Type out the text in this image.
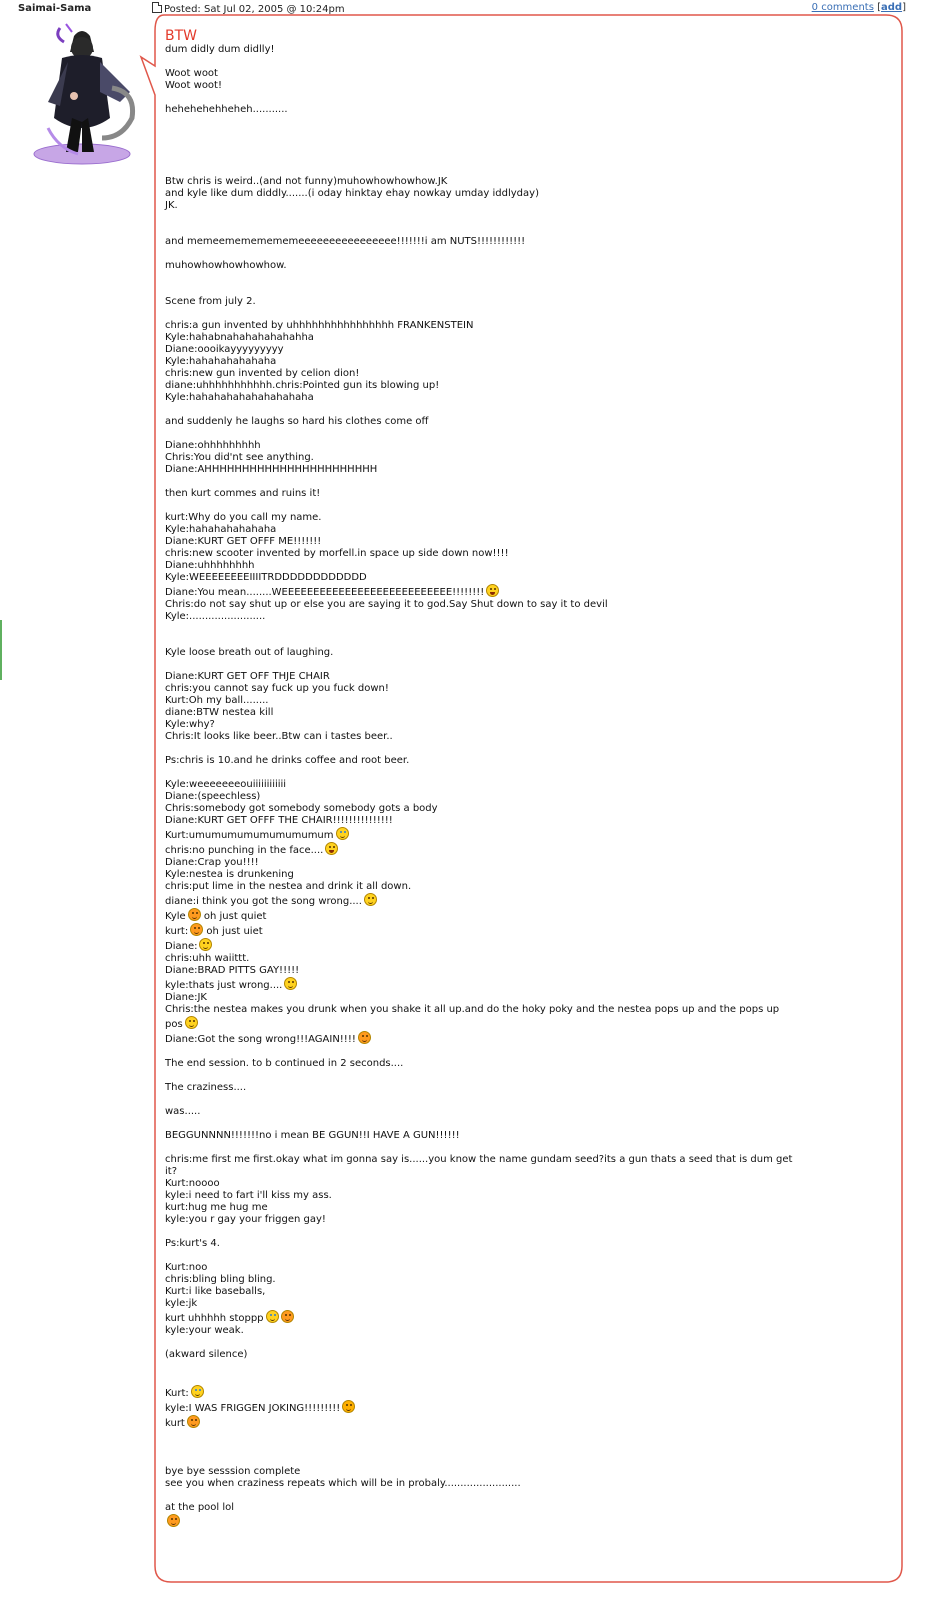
Saimai-Sama	Posted: Sat Jul 02, 2005 @ 10:24pm	0 comments [add]
BTW
dum didly dum didlly!
Woot woot
Woot woot!
hehehehehheheh...........
Btw chris is weird..(and not funny)muhowhowhowhow.JK
and kyle like dum diddly.......(i oday hinktay ehay nowkay umday iddlyday)
JK.
and memeemememememeeeeeeeeeeeeeeee!!!!!!!i am NUTS!!!!!!!!!!!!
muhowhowhowhowhow.
Scene from july 2.
chris:a gun invented by uhhhhhhhhhhhhhhhh FRANKENSTEIN
Kyle:hahabnahahahahahahha
Diane:oooikayyyyyyyyy
Kyle:hahahahahahaha
chris:new gun invented by celion dion!
diane:uhhhhhhhhhhh.chris:Pointed gun its blowing up!
Kyle:hahahahahahahahahaha
and suddenly he laughs so hard his clothes come off
Diane:ohhhhhhhhh
Chris:You did'nt see anything.
Diane:AHHHHHHHHHHHHHHHHHHHHHHH
then kurt commes and ruins it!
kurt:Why do you call my name.
Kyle:hahahahahahaha
Diane:KURT GET OFFF ME!!!!!!!
chris:new scooter invented by morfell.in space up side down now!!!!
Diane:uhhhhhhhh
Kyle:WEEEEEEEEIIIITRDDDDDDDDDDDD
Diane:You mean........WEEEEEEEEEEEEEEEEEEEEEEEEEEE!!!!!!!!
Chris:do not say shut up or else you are saying it to god.Say Shut down to say it to devil
Kyle:........................
Kyle loose breath out of laughing.
Diane:KURT GET OFF THJE CHAIR
chris:you cannot say fuck up you fuck down!
Kurt:Oh my ball........
diane:BTW nestea kill
Kyle:why?
Chris:It looks like beer..Btw can i tastes beer..
Ps:chris is 10.and he drinks coffee and root beer.
Kyle:weeeeeeeouiiiiiiiiiiii
Diane:(speechless)
Chris:somebody got somebody somebody gots a body
Diane:KURT GET OFFF THE CHAIR!!!!!!!!!!!!!!!
Kurt:umumumumumumumumum
chris:no punching in the face....
Diane:Crap you!!!!
Kyle:nestea is drunkening
chris:put lime in the nestea and drink it all down.
diane:i think you got the song wrong....
Kyle oh just quiet
kurt: oh just uiet
Diane:
chris:uhh waiittt.
Diane:BRAD PITTS GAY!!!!!
kyle:thats just wrong....
Diane:JK
Chris:the nestea makes you drunk when you shake it all up.and do the hoky poky and the nestea pops up and the pops up
pos
Diane:Got the song wrong!!!AGAIN!!!!
The end session. to b continued in 2 seconds....
The craziness....
was.....
BEGGUNNNN!!!!!!!no i mean BE GGUN!!I HAVE A GUN!!!!!!
chris:me first me first.okay what im gonna say is......you know the name gundam seed?its a gun thats a seed that is dum get
it?
Kurt:noooo
kyle:i need to fart i'll kiss my ass.
kurt:hug me hug me
kyle:you r gay your friggen gay!
Ps:kurt's 4.
Kurt:noo
chris:bling bling bling.
Kurt:i like baseballs,
kyle:jk
kurt uhhhhh stoppp
kyle:your weak.
(akward silence)
Kurt:
kyle:I WAS FRIGGEN JOKING!!!!!!!!!
kurt
bye bye sesssion complete
see you when craziness repeats which will be in probaly........................
at the pool lol
